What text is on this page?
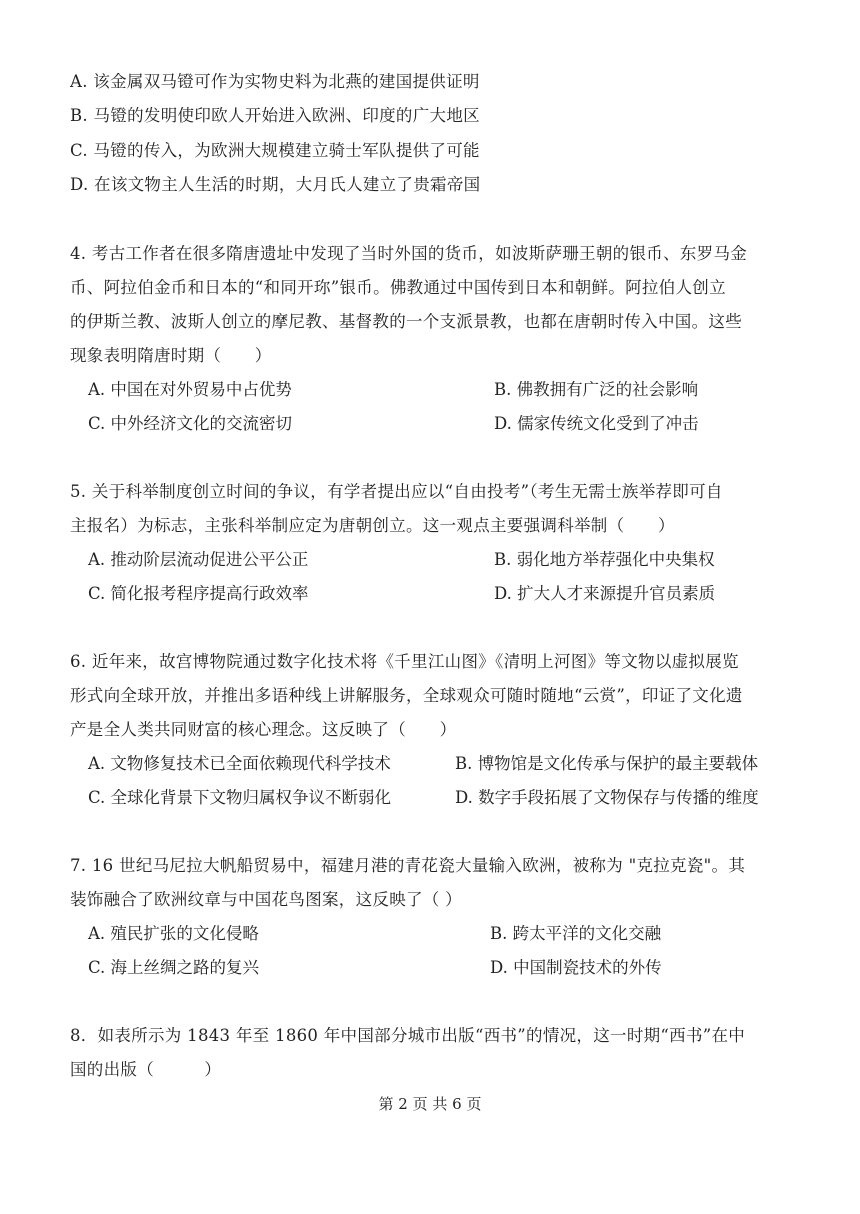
A. 该金属双马镫可作为实物史料为北燕的建国提供证明
B. 马镫的发明使印欧人开始进入欧洲、印度的广大地区
C. 马镫的传入，为欧洲大规模建立骑士军队提供了可能
D. 在该文物主人生活的时期，大月氏人建立了贵霜帝国
4. 考古工作者在很多隋唐遗址中发现了当时外国的货币，如波斯萨珊王朝的银币、东罗马金
币、阿拉伯金币和日本的“和同开珎”银币。佛教通过中国传到日本和朝鲜。阿拉伯人创立
的伊斯兰教、波斯人创立的摩尼教、基督教的一个支派景教，也都在唐朝时传入中国。这些
现象表明隋唐时期（　　）
A. 中国在对外贸易中占优势	B. 佛教拥有广泛的社会影响
C. 中外经济文化的交流密切	D. 儒家传统文化受到了冲击
5. 关于科举制度创立时间的争议，有学者提出应以“自由投考”（考生无需士族举荐即可自
主报名）为标志，主张科举制应定为唐朝创立。这一观点主要强调科举制（　　）
A. 推动阶层流动促进公平公正	B. 弱化地方举荐强化中央集权
C. 简化报考程序提高行政效率	D. 扩大人才来源提升官员素质
6. 近年来，故宫博物院通过数字化技术将《千里江山图》《清明上河图》等文物以虚拟展览
形式向全球开放，并推出多语种线上讲解服务，全球观众可随时随地“云赏”，印证了文化遗
产是全人类共同财富的核心理念。这反映了（　　）
A. 文物修复技术已全面依赖现代科学技术	B. 博物馆是文化传承与保护的最主要载体
C. 全球化背景下文物归属权争议不断弱化	D. 数字手段拓展了文物保存与传播的维度
7. 16 世纪马尼拉大帆船贸易中，福建月港的青花瓷大量输入欧洲，被称为 "克拉克瓷"。其
装饰融合了欧洲纹章与中国花鸟图案，这反映了（ ）
A. 殖民扩张的文化侵略	B. 跨太平洋的文化交融
C. 海上丝绸之路的复兴	D. 中国制瓷技术的外传
8．如表所示为 1843 年至 1860 年中国部分城市出版“西书”的情况，这一时期“西书”在中
国的出版（　　　）
第 2 页 共 6 页
